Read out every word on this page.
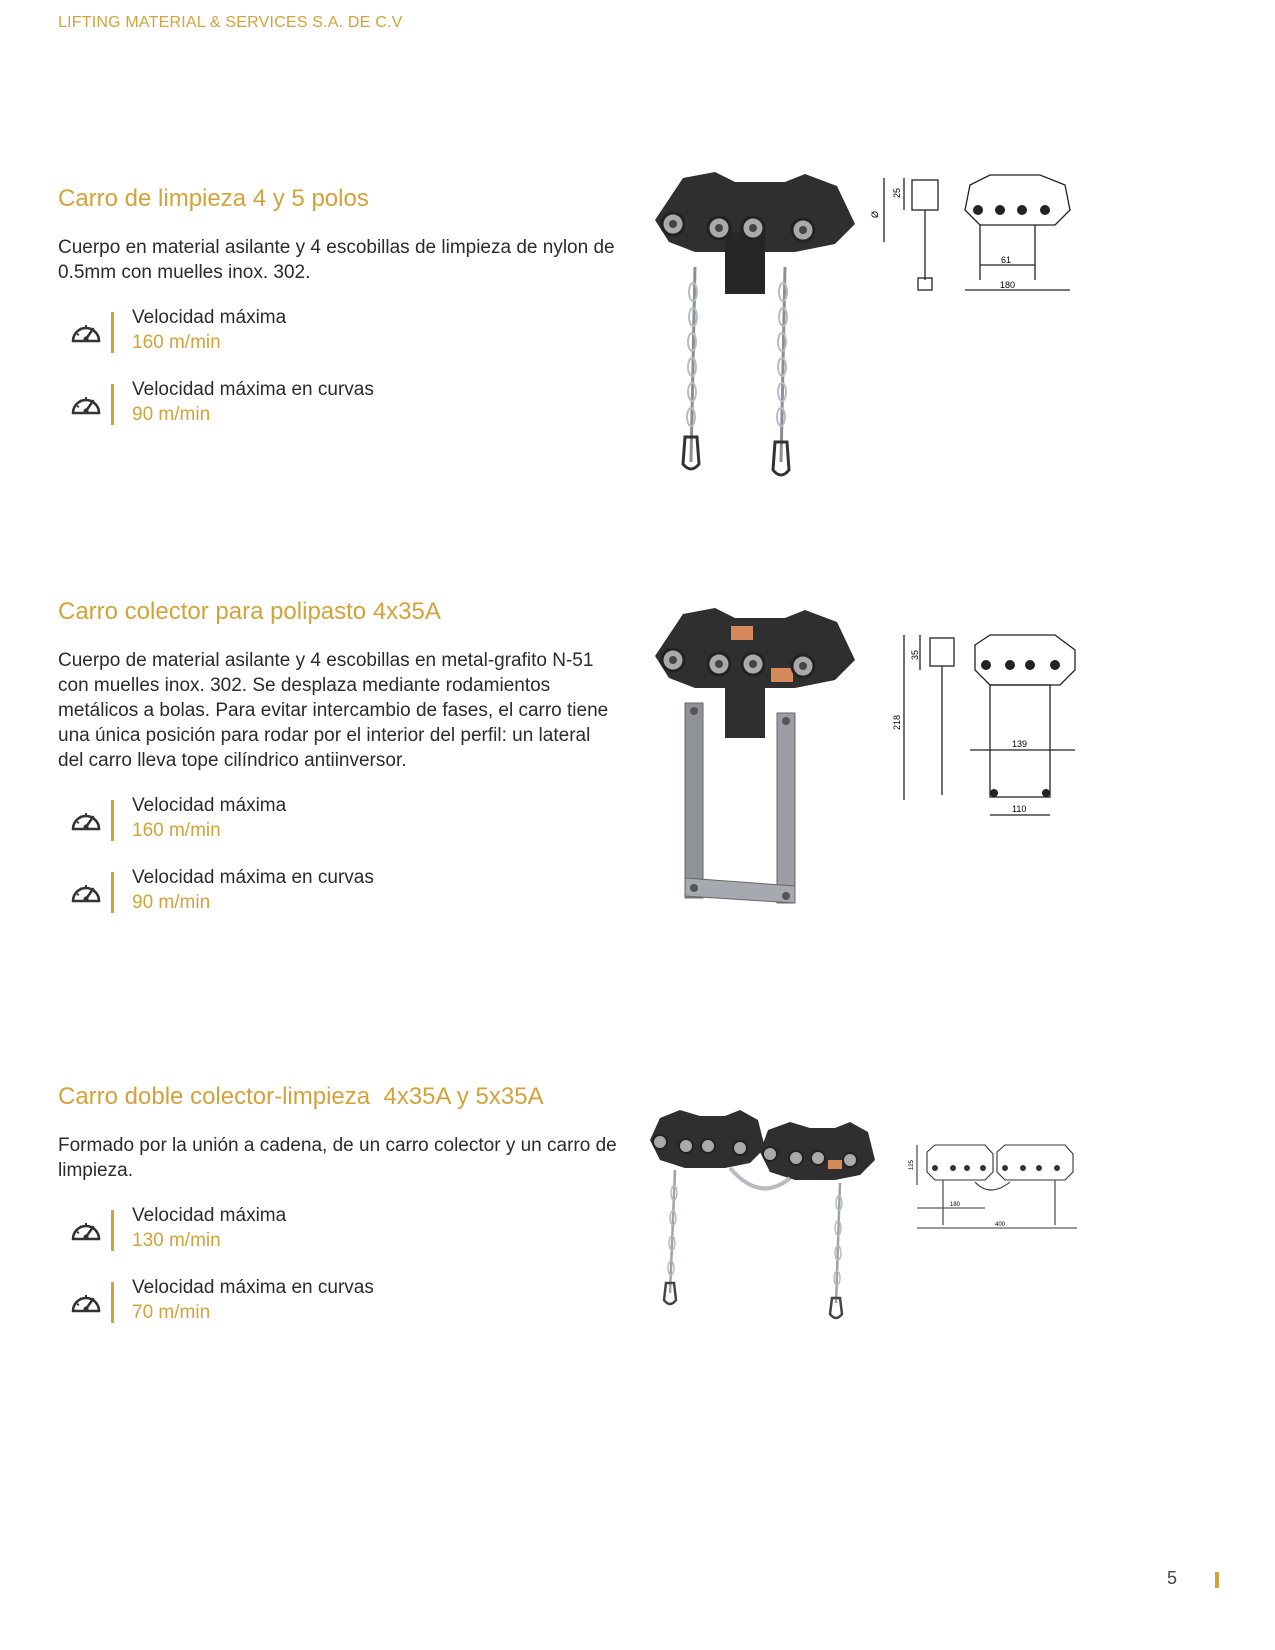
LIFTING MATERIAL & SERVICES S.A. DE C.V
Carro de limpieza 4 y 5 polos

Cuerpo en material asilante y 4 escobillas de limpieza de nylon de 0.5mm con muelles inox. 302.

Velocidad máxima
160 m/min
Velocidad máxima en curvas
90 m/min
Carro colector para polipasto 4x35A

Cuerpo de material asilante y 4 escobillas en metal-grafito N-51 con muelles inox. 302. Se desplaza mediante rodamientos metálicos a bolas. Para evitar intercambio de fases, el carro tiene una única posición para rodar por el interior del perfil: un lateral del carro lleva tope cilíndrico antiinversor.

Velocidad máxima
160 m/min
Velocidad máxima en curvas
90 m/min
Carro doble colector-limpieza  4x35A y 5x35A

Formado por la unión a cadena, de un carro colector y un carro de limpieza.

Velocidad máxima
130 m/min
Velocidad máxima en curvas
70 m/min
Ø
25
61
180
218
35
139
110
125
180
400
5
